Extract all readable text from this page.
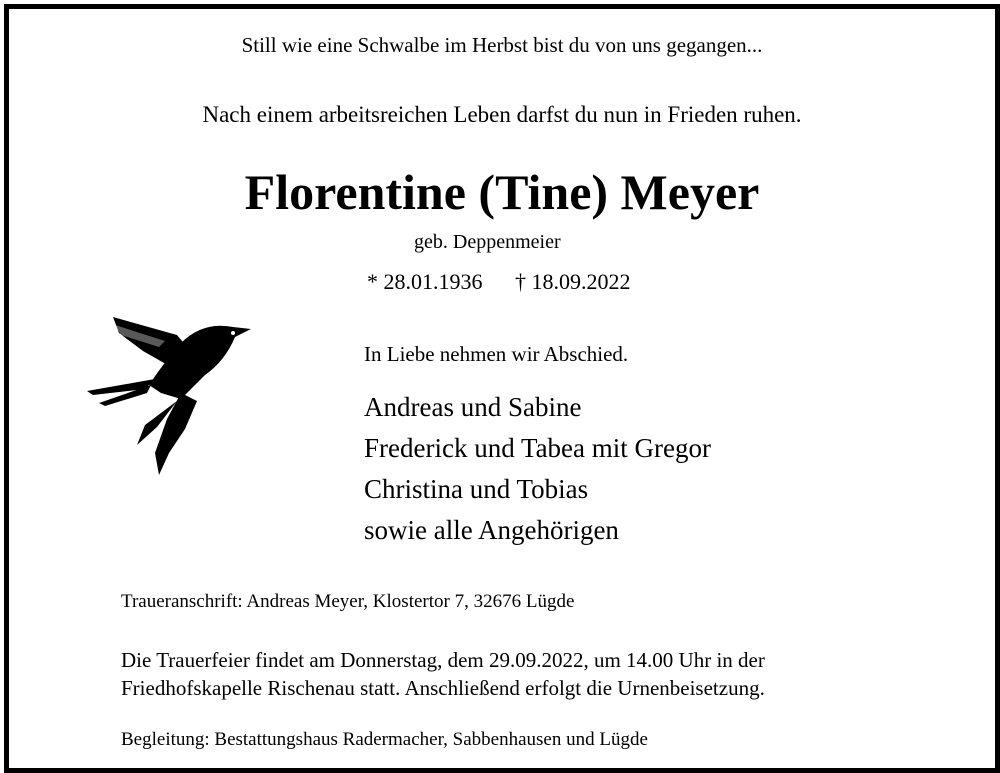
Still wie eine Schwalbe im Herbst bist du von uns gegangen...
Nach einem arbeitsreichen Leben darfst du nun in Frieden ruhen.
Florentine (Tine) Meyer
geb. Deppenmeier
* 28.01.1936 † 18.09.2022
In Liebe nehmen wir Abschied.
Andreas und Sabine
Frederick und Tabea mit Gregor
Christina und Tobias
sowie alle Angehörigen
Traueranschrift: Andreas Meyer, Klostertor 7, 32676 Lügde
Die Trauerfeier findet am Donnerstag, dem 29.09.2022, um 14.00 Uhr in der
Friedhofskapelle Rischenau statt. Anschließend erfolgt die Urnenbeisetzung.
Begleitung: Bestattungshaus Radermacher, Sabbenhausen und Lügde
